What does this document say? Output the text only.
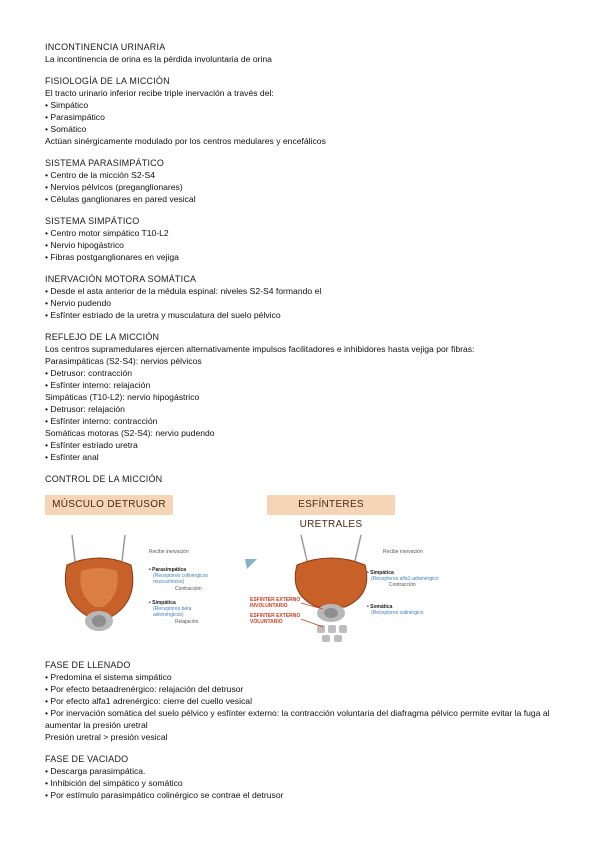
INCONTINENCIA URINARIA
La incontinencia de orina es la pérdida involuntaria de orina
FISIOLOGÍA DE LA MICCIÓN
El tracto urinario inferior recibe triple inervación a través del:
• Simpático
• Parasimpático
• Somático
Actúan sinérgicamente modulado por los centros medulares y encefálicos
SISTEMA PARASIMPÁTICO
• Centro de la micción S2-S4
• Nervios pélvicos (preganglionares)
• Células ganglionares en pared vesical
SISTEMA SIMPÁTICO
• Centro motor simpático T10-L2
• Nervio hipogástrico
• Fibras postganglionares en vejiga
INERVACIÓN MOTORA SOMÁTICA
• Desde el asta anterior de la médula espinal: niveles S2-S4 formando el
• Nervio pudendo
• Esfínter estriado de la uretra y musculatura del suelo pélvico
REFLEJO DE LA MICCIÓN
Los centros supramedulares ejercen alternativamente impulsos facilitadores e inhibidores hasta vejiga por fibras:
Parasimpáticas (S2-S4): nervios pélvicos
• Detrusor: contracción
• Esfínter interno: relajación
Simpáticas (T10-L2): nervio hipogástrico
• Detrusor: relajación
• Esfínter interno: contracción
Somáticas motoras (S2-S4): nervio pudendo
• Esfínter estriado uretra
• Esfínter anal
CONTROL DE LA MICCIÓN
MÚSCULO DETRUSOR	ESFÍNTERES URETRALES
Recibe inervación
• Parasimpática
(Receptores colinérgicos
muscarínicos)
Contracción
• Simpática
(Receptores beta
adrenérgicos)
Relajación
Recibe inervación
• Simpática
(Receptores alfa1-adrenérgico
Contracción
• Somática
(Receptores colinérgico
ESFINTER EXTERNO
INVOLUNTARIO
ESFINTER EXTERNO
VOLUNTARIO
FASE DE LLENADO
• Predomina el sistema simpático
• Por efecto betaadrenérgico: relajación del detrusor
• Por efecto alfa1 adrenérgico: cierre del cuello vesical
• Por inervación somática del suelo pélvico y esfínter externo: la contracción voluntaria del diafragma pélvico permite evitar la fuga al aumentar la presión uretral
Presión uretral > presión vesical
FASE DE VACIADO
• Descarga parasimpática.
• Inhibición del simpático y somático
• Por estímulo parasimpático colinérgico se contrae el detrusor
